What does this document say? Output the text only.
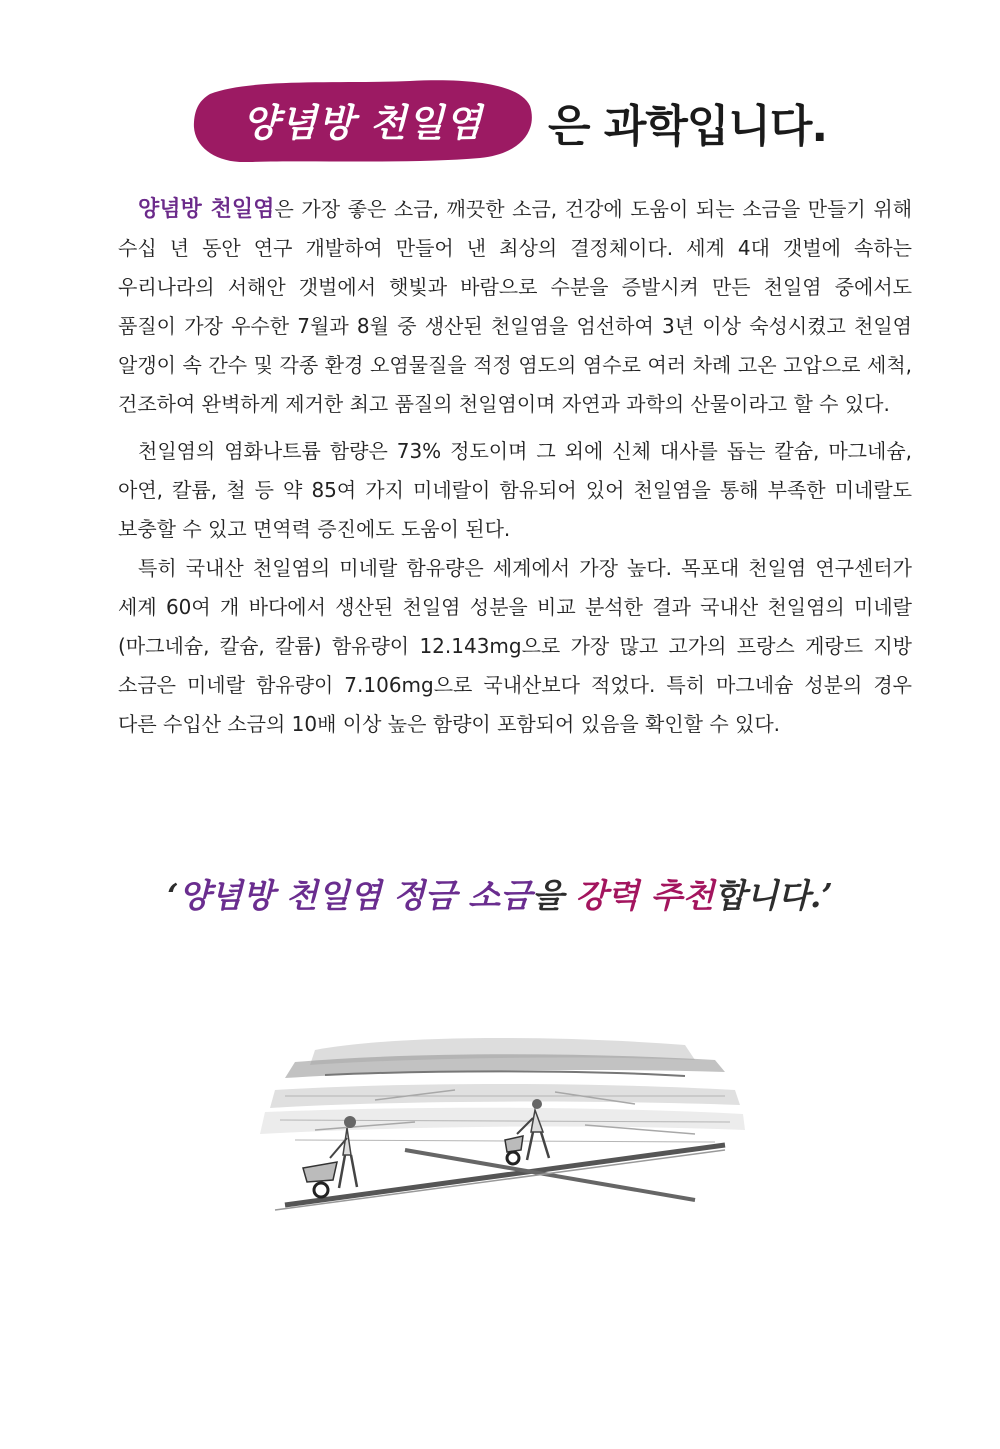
양념방 천일염	은 과학입니다.

양념방 천일염은 가장 좋은 소금, 깨끗한 소금, 건강에 도움이 되는 소금을 만들기 위해 수십 년 동안 연구 개발하여 만들어 낸 최상의 결정체이다. 세계 4대 갯벌에 속하는 우리나라의 서해안 갯벌에서 햇빛과 바람으로 수분을 증발시켜 만든 천일염 중에서도 품질이 가장 우수한 7월과 8월 중 생산된 천일염을 엄선하여 3년 이상 숙성시켰고 천일염 알갱이 속 간수 및 각종 환경 오염물질을 적정 염도의 염수로 여러 차례 고온 고압으로 세척, 건조하여 완벽하게 제거한 최고 품질의 천일염이며 자연과 과학의 산물이라고 할 수 있다.

천일염의 염화나트륨 함량은 73% 정도이며 그 외에 신체 대사를 돕는 칼슘, 마그네슘, 아연, 칼륨, 철 등 약 85여 가지 미네랄이 함유되어 있어 천일염을 통해 부족한 미네랄도 보충할 수 있고 면역력 증진에도 도움이 된다.

특히 국내산 천일염의 미네랄 함유량은 세계에서 가장 높다. 목포대 천일염 연구센터가 세계 60여 개 바다에서 생산된 천일염 성분을 비교 분석한 결과 국내산 천일염의 미네랄(마그네슘, 칼슘, 칼륨) 함유량이 12.143mg으로 가장 많고 고가의 프랑스 게랑드 지방 소금은 미네랄 함유량이 7.106mg으로 국내산보다 적었다. 특히 마그네슘 성분의 경우 다른 수입산 소금의 10배 이상 높은 함량이 포함되어 있음을 확인할 수 있다.

‘양념방 천일염 정금 소금을 강력 추천합니다.’
